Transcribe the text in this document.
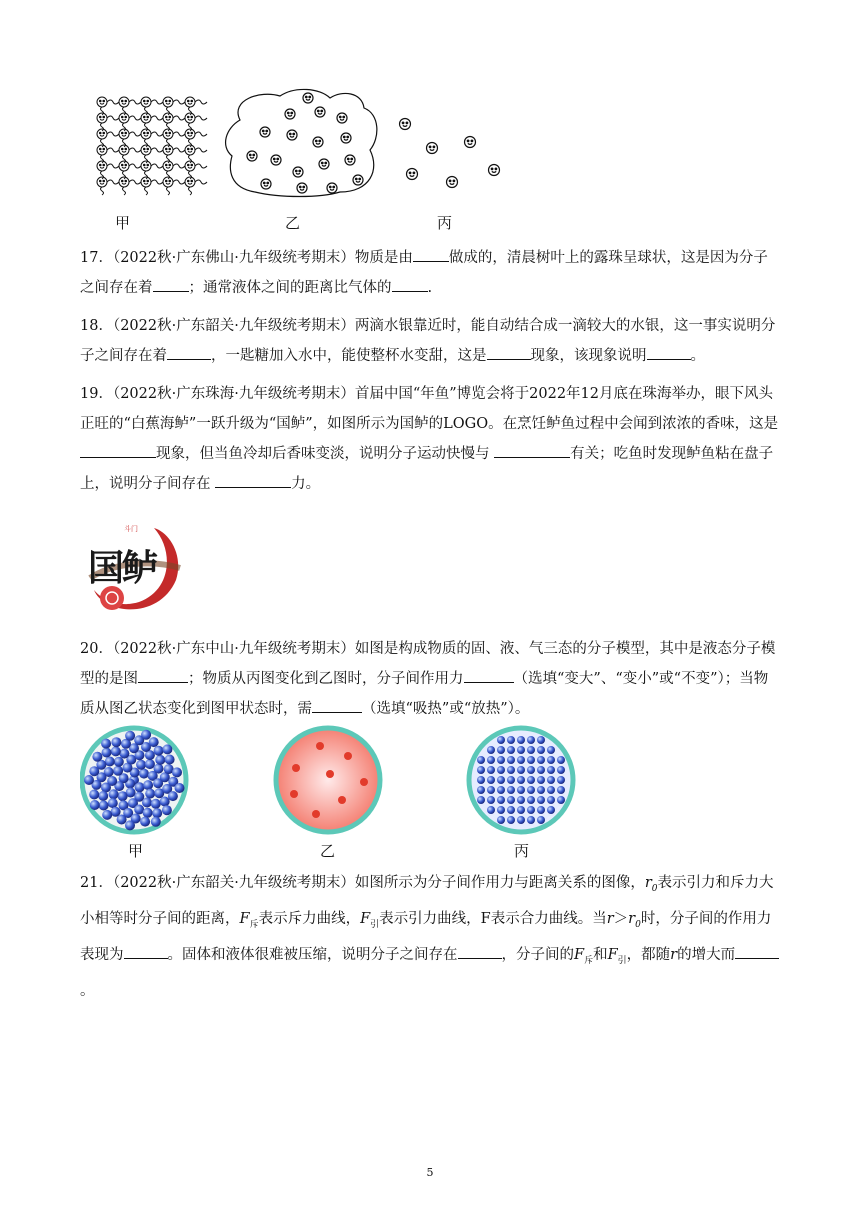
甲	乙	丙
17．（2022秋·广东佛山·九年级统考期末）物质是由 做成的，清晨树叶上的露珠呈球状，这是因为分子之间存在着 ；通常液体之间的距离比气体的 .
18．（2022秋·广东韶关·九年级统考期末）两滴水银靠近时，能自动结合成一滴较大的水银，这一事实说明分子之间存在着	，一匙糖加入水中，能使整杯水变甜，这是	现象，该现象说明	。
19．（2022秋·广东珠海·九年级统考期末）首届中国“年鱼”博览会将于2022年12月底在珠海举办，眼下风头正旺的“白蕉海鲈”一跃升级为“国鲈”，如图所示为国鲈的LOGO。在烹饪鲈鱼过程中会闻到浓浓的香味，这是 现象，但当鱼冷却后香味变淡，说明分子运动快慢与	有关；吃鱼时发现鲈鱼粘在盘子上，说明分子间存在	力。
斗门
国鲈
20．（2022秋·广东中山·九年级统考期末）如图是构成物质的固、液、气三态的分子模型，其中是液态分子模型的是图	；物质从丙图变化到乙图时，分子间作用力	（选填“变大”、“变小”或“不变”）；当物质从图乙状态变化到图甲状态时，需	（选填“吸热”或“放热”）。
甲	乙	丙
21．（2022秋·广东韶关·九年级统考期末）如图所示为分子间作用力与距离关系的图像，$r_0$表示引力和斥力大小相等时分子间的距离，$F_斥$表示斥力曲线，$F_引$表示引力曲线，F表示合力曲线。当$r>r_0$时，分子间的作用力表现为	。固体和液体很难被压缩，说明分子之间存在	，分子间的$F_斥$和$F_引$，都随r的增大而。
5
